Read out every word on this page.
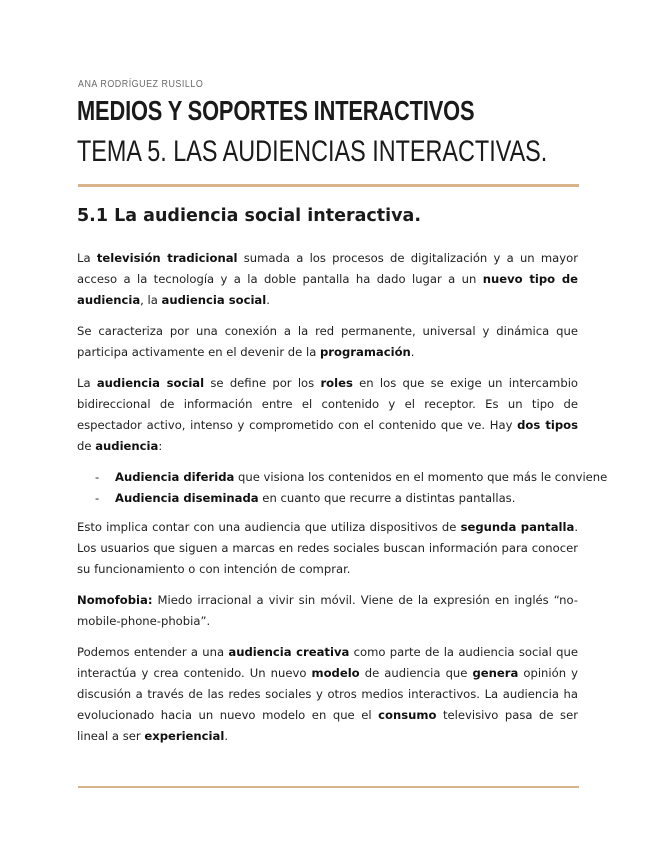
ANA RODRÍGUEZ RUSILLO
MEDIOS Y SOPORTES INTERACTIVOS
TEMA 5. LAS AUDIENCIAS INTERACTIVAS.
5.1 La audiencia social interactiva.

La televisión tradicional sumada a los procesos de digitalización y a un mayor acceso a la tecnología y a la doble pantalla ha dado lugar a un nuevo tipo de audiencia, la audiencia social.

Se caracteriza por una conexión a la red permanente, universal y dinámica que participa activamente en el devenir de la programación.

La audiencia social se define por los roles en los que se exige un intercambio bidireccional de información entre el contenido y el receptor. Es un tipo de espectador activo, intenso y comprometido con el contenido que ve. Hay dos tipos de audiencia:

- Audiencia diferida que visiona los contenidos en el momento que más le conviene
- Audiencia diseminada en cuanto que recurre a distintas pantallas.

Esto implica contar con una audiencia que utiliza dispositivos de segunda pantalla. Los usuarios que siguen a marcas en redes sociales buscan información para conocer su funcionamiento o con intención de comprar.

Nomofobia: Miedo irracional a vivir sin móvil. Viene de la expresión en inglés “no-mobile-phone-phobia”.

Podemos entender a una audiencia creativa como parte de la audiencia social que interactúa y crea contenido. Un nuevo modelo de audiencia que genera opinión y discusión a través de las redes sociales y otros medios interactivos. La audiencia ha evolucionado hacia un nuevo modelo en que el consumo televisivo pasa de ser lineal a ser experiencial.
